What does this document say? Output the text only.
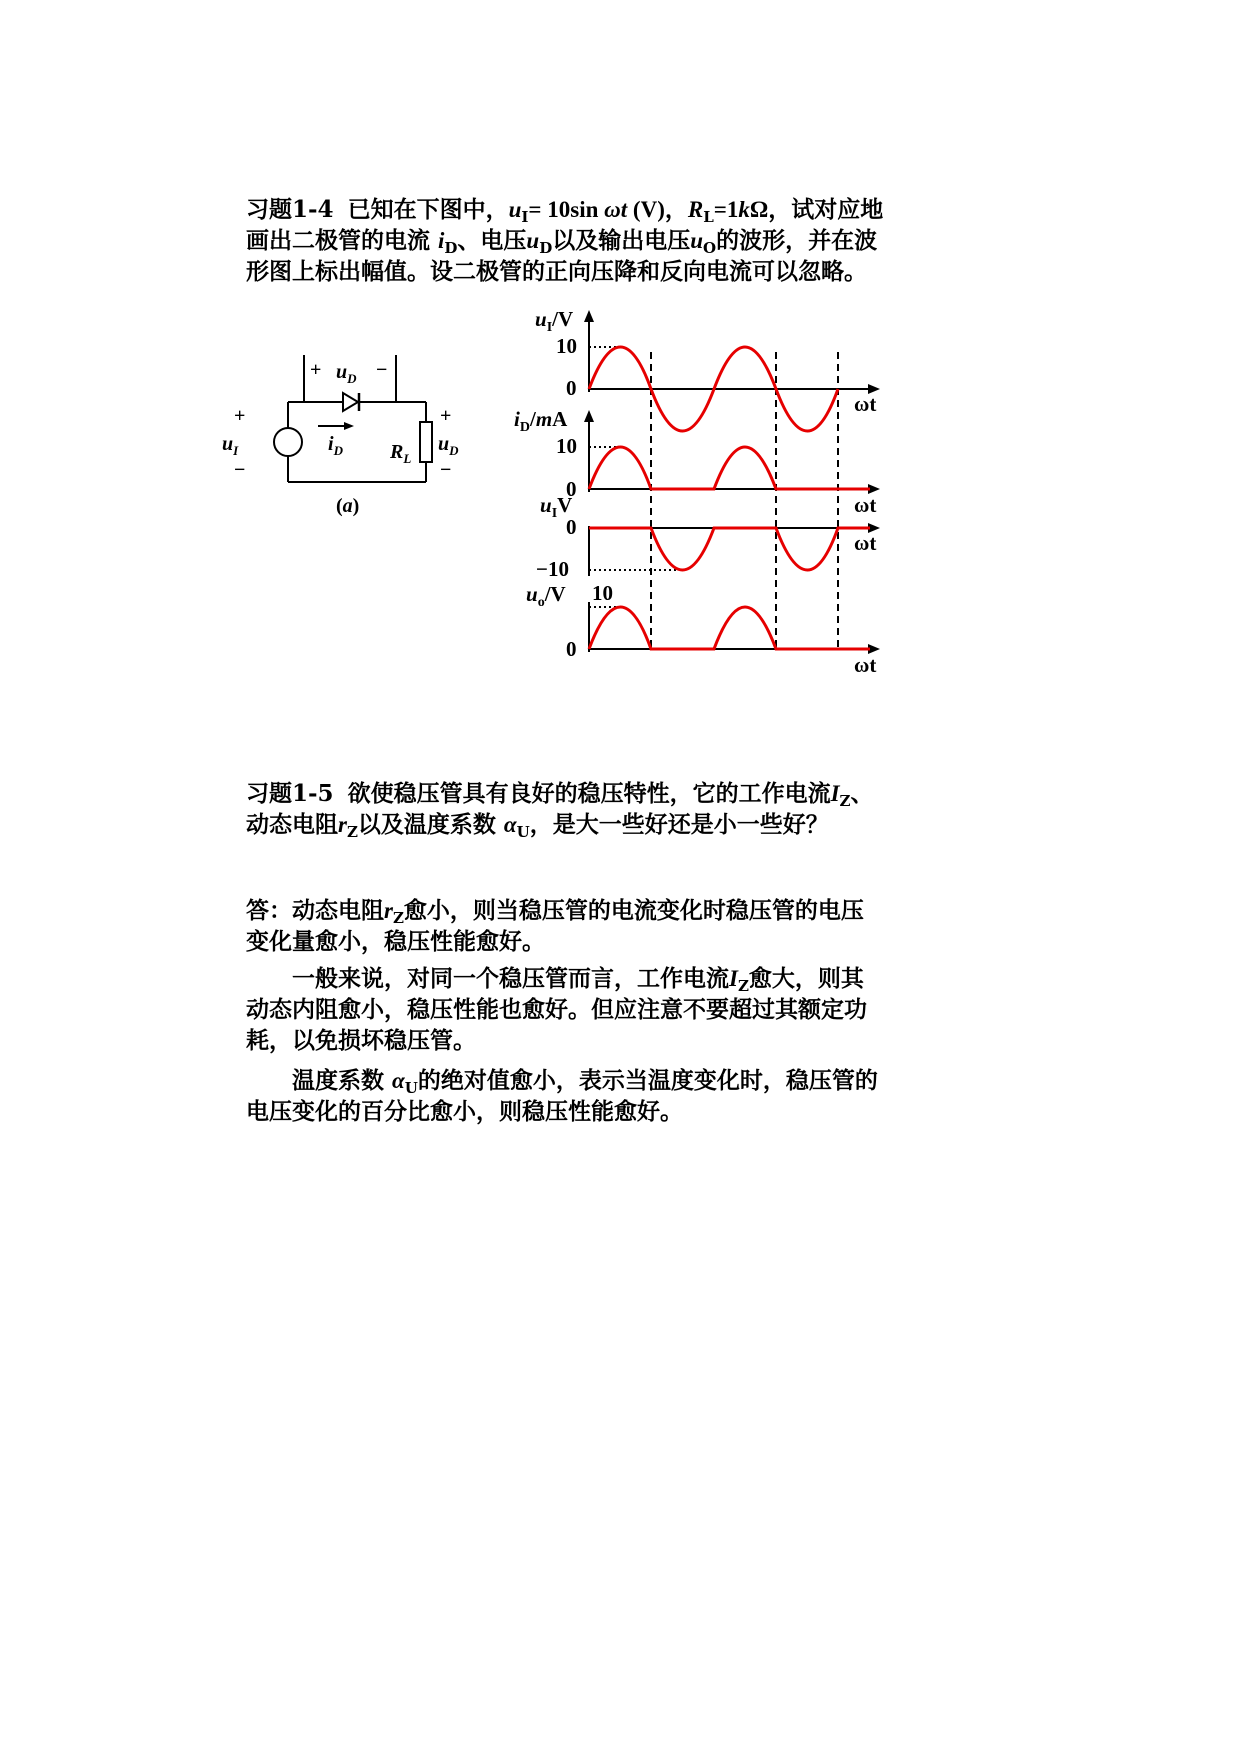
习题1-4 已知在下图中，$u_I= 10\sin$ ωt (V)，$R_L=1k\Omega$，试对应地画出二极管的电流 $i_D$、电压$u_D$以及输出电压$u_O$的波形，并在波形图上标出幅值。设二极管的正向压降和反向电流可以忽略。
+ $u_D$ −
+
$u_I$
−
$i_D$ $R_L$
+
$u_D$
−
(a)
$u_I/V$
10
0
ωt
$i_D/mA$
10
0
ωt
$u_IV$
0
ωt
−10
$u_o/V$ 10
0
ωt
习题1-5 欲使稳压管具有良好的稳压特性，它的工作电流$I_Z$、动态电阻$r_Z$以及温度系数 $\alpha_U$，是大一些好还是小一些好？
答：动态电阻$r_Z$愈小，则当稳压管的电流变化时稳压管的电压变化量愈小，稳压性能愈好。
一般来说，对同一个稳压管而言，工作电流$I_Z$愈大，则其动态内阻愈小，稳压性能也愈好。但应注意不要超过其额定功耗，以免损坏稳压管。
温度系数 $\alpha_U$的绝对值愈小，表示当温度变化时，稳压管的电压变化的百分比愈小，则稳压性能愈好。
